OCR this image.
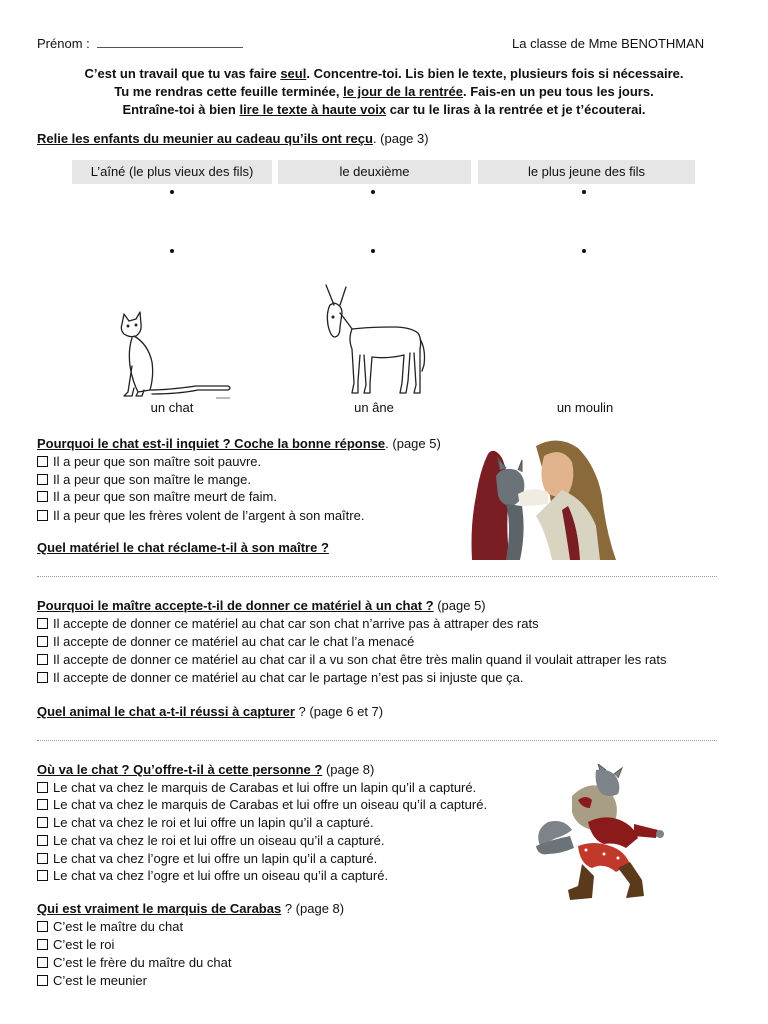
Prénom :	La classe de Mme BENOTHMAN
C’est un travail que tu vas faire seul. Concentre-toi. Lis bien le texte, plusieurs fois si nécessaire.
Tu me rendras cette feuille terminée, le jour de la rentrée. Fais-en un peu tous les jours.
Entraîne-toi à bien lire le texte à haute voix car tu le liras à la rentrée et je t’écouterai.
Relie les enfants du meunier au cadeau qu’ils ont reçu. (page 3)
L’aîné (le plus vieux des fils)	le deuxième	le plus jeune des fils
un chat	un âne	un moulin
Pourquoi le chat est-il inquiet ? Coche la bonne réponse. (page 5)
Il a peur que son maître soit pauvre.
Il a peur que son maître le mange.
Il a peur que son maître meurt de faim.
Il a peur que les frères volent de l’argent à son maître.
Quel matériel le chat réclame-t-il à son maître ?
Pourquoi le maître accepte-t-il de donner ce matériel à un chat ? (page 5)
Il accepte de donner ce matériel au chat car son chat n’arrive pas à attraper des rats
Il accepte de donner ce matériel au chat car le chat l’a menacé
Il accepte de donner ce matériel au chat car il a vu son chat être très malin quand il voulait attraper les rats
Il accepte de donner ce matériel au chat car le partage n’est pas si injuste que ça.
Quel animal le chat a-t-il réussi à capturer ? (page 6 et 7)
Où va le chat ? Qu’offre-t-il à cette personne ? (page 8)
Le chat va chez le marquis de Carabas et lui offre un lapin qu’il a capturé.
Le chat va chez le marquis de Carabas et lui offre un oiseau qu’il a capturé.
Le chat va chez le roi et lui offre un lapin qu’il a capturé.
Le chat va chez le roi et lui offre un oiseau qu’il a capturé.
Le chat va chez l’ogre et lui offre un lapin qu’il a capturé.
Le chat va chez l’ogre et lui offre un oiseau qu’il a capturé.
Qui est vraiment le marquis de Carabas ? (page 8)
C’est le maître du chat
C’est le roi
C’est le frère du maître du chat
C’est le meunier
